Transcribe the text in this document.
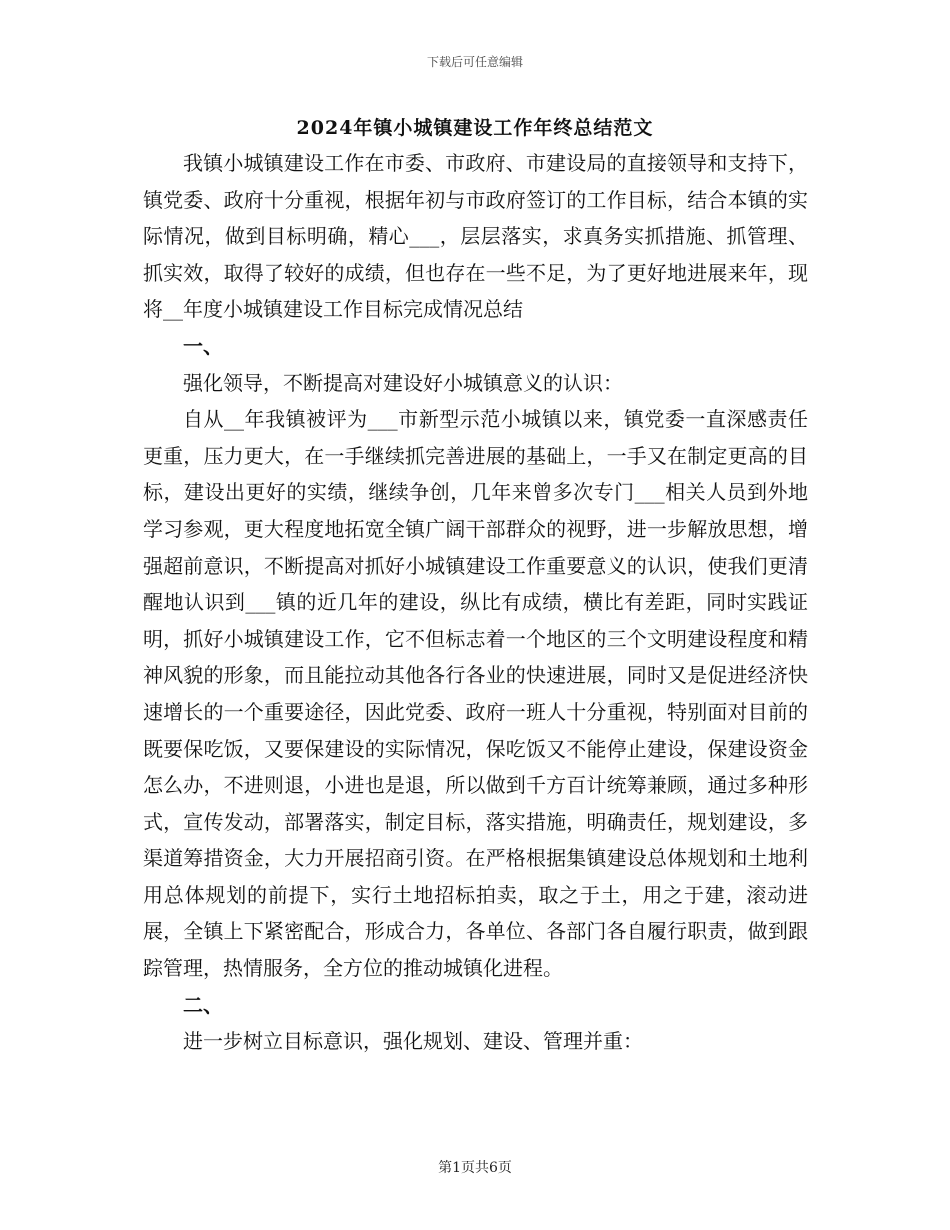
下载后可任意编辑
2024年镇小城镇建设工作年终总结范文

我镇小城镇建设工作在市委、市政府、市建设局的直接领导和支持下，镇党委、政府十分重视，根据年初与市政府签订的工作目标，结合本镇的实际情况，做到目标明确，精心___，层层落实，求真务实抓措施、抓管理、抓实效，取得了较好的成绩，但也存在一些不足，为了更好地进展来年，现将__年度小城镇建设工作目标完成情况总结

一、

强化领导，不断提高对建设好小城镇意义的认识：

自从__年我镇被评为___市新型示范小城镇以来，镇党委一直深感责任更重，压力更大，在一手继续抓完善进展的基础上，一手又在制定更高的目标，建设出更好的实绩，继续争创，几年来曾多次专门___相关人员到外地学习参观，更大程度地拓宽全镇广阔干部群众的视野，进一步解放思想，增强超前意识，不断提高对抓好小城镇建设工作重要意义的认识，使我们更清醒地认识到___镇的近几年的建设，纵比有成绩，横比有差距，同时实践证明，抓好小城镇建设工作，它不但标志着一个地区的三个文明建设程度和精神风貌的形象，而且能拉动其他各行各业的快速进展，同时又是促进经济快速增长的一个重要途径，因此党委、政府一班人十分重视，特别面对目前的既要保吃饭，又要保建设的实际情况，保吃饭又不能停止建设，保建设资金怎么办，不进则退，小进也是退，所以做到千方百计统筹兼顾，通过多种形式，宣传发动，部署落实，制定目标，落实措施，明确责任，规划建设，多渠道筹措资金，大力开展招商引资。在严格根据集镇建设总体规划和土地利用总体规划的前提下，实行土地招标拍卖，取之于土，用之于建，滚动进展，全镇上下紧密配合，形成合力，各单位、各部门各自履行职责，做到跟踪管理，热情服务，全方位的推动城镇化进程。

二、

进一步树立目标意识，强化规划、建设、管理并重：

第1页共6页
